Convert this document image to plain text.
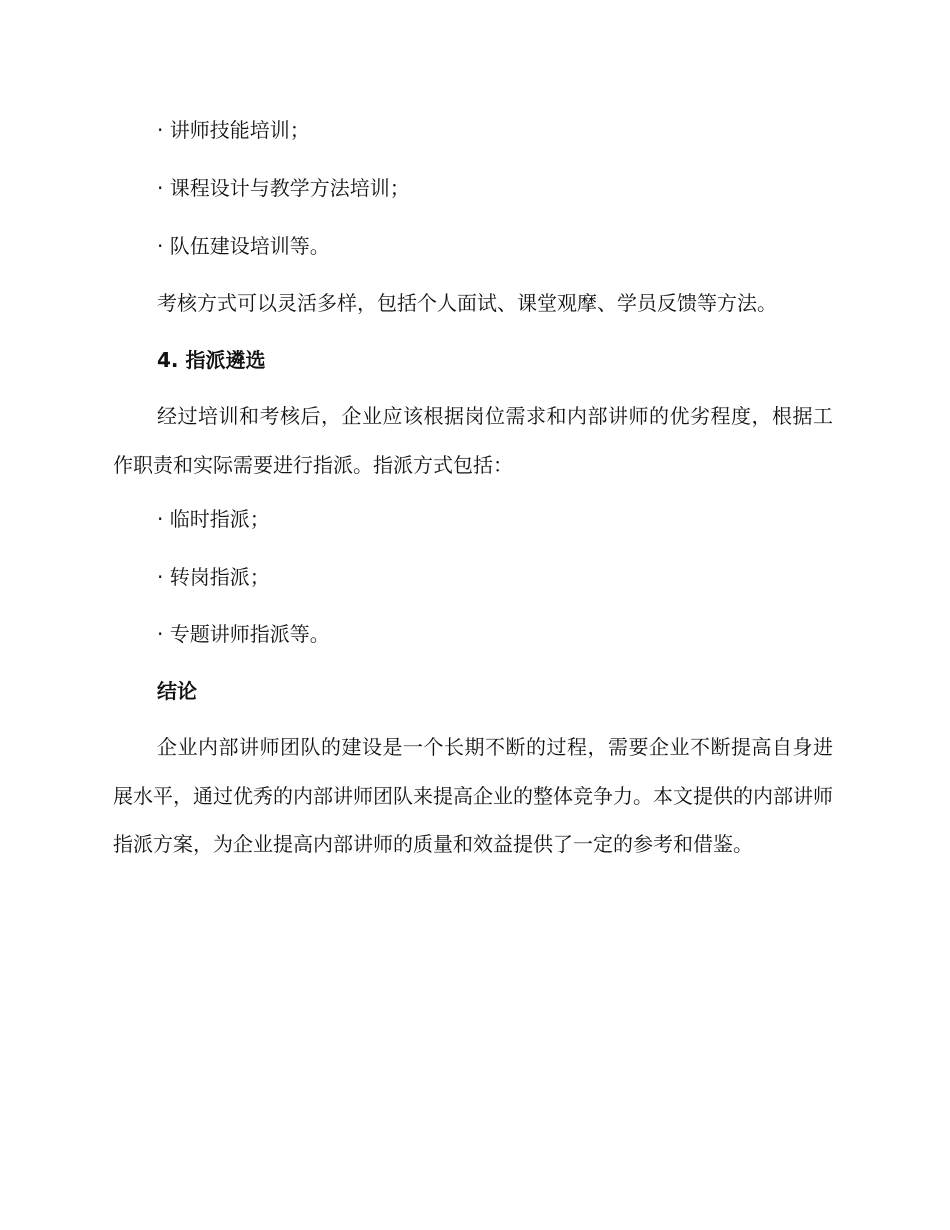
· 讲师技能培训；
· 课程设计与教学方法培训；
· 队伍建设培训等。
考核方式可以灵活多样，包括个人面试、课堂观摩、学员反馈等方法。
4. 指派遴选
经过培训和考核后，企业应该根据岗位需求和内部讲师的优劣程度，根据工作职责和实际需要进行指派。指派方式包括：
· 临时指派；
· 转岗指派；
· 专题讲师指派等。
结论
企业内部讲师团队的建设是一个长期不断的过程，需要企业不断提高自身进展水平，通过优秀的内部讲师团队来提高企业的整体竞争力。本文提供的内部讲师指派方案，为企业提高内部讲师的质量和效益提供了一定的参考和借鉴。
